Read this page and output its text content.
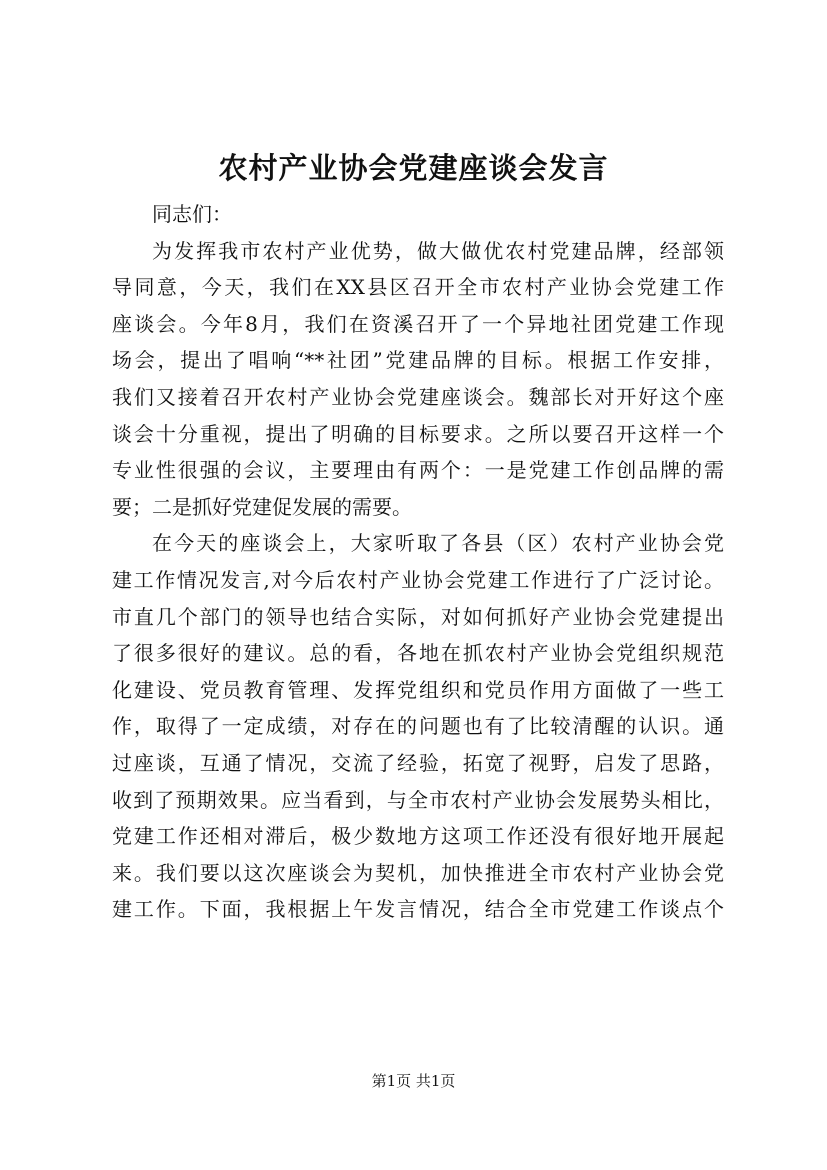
农村产业协会党建座谈会发言
同志们：
为发挥我市农村产业优势，做大做优农村党建品牌，经部领
导同意，今天，我们在XX县区召开全市农村产业协会党建工作
座谈会。今年8月，我们在资溪召开了一个异地社团党建工作现
场会，提出了唱响“**社团”党建品牌的目标。根据工作安排，
我们又接着召开农村产业协会党建座谈会。魏部长对开好这个座
谈会十分重视，提出了明确的目标要求。之所以要召开这样一个
专业性很强的会议，主要理由有两个：一是党建工作创品牌的需
要；二是抓好党建促发展的需要。
在今天的座谈会上，大家听取了各县（区）农村产业协会党
建工作情况发言,对今后农村产业协会党建工作进行了广泛讨论。
市直几个部门的领导也结合实际，对如何抓好产业协会党建提出
了很多很好的建议。总的看，各地在抓农村产业协会党组织规范
化建设、党员教育管理、发挥党组织和党员作用方面做了一些工
作，取得了一定成绩，对存在的问题也有了比较清醒的认识。通
过座谈，互通了情况，交流了经验，拓宽了视野，启发了思路，
收到了预期效果。应当看到，与全市农村产业协会发展势头相比，
党建工作还相对滞后，极少数地方这项工作还没有很好地开展起
来。我们要以这次座谈会为契机，加快推进全市农村产业协会党
建工作。下面，我根据上午发言情况，结合全市党建工作谈点个
第1页 共1页
